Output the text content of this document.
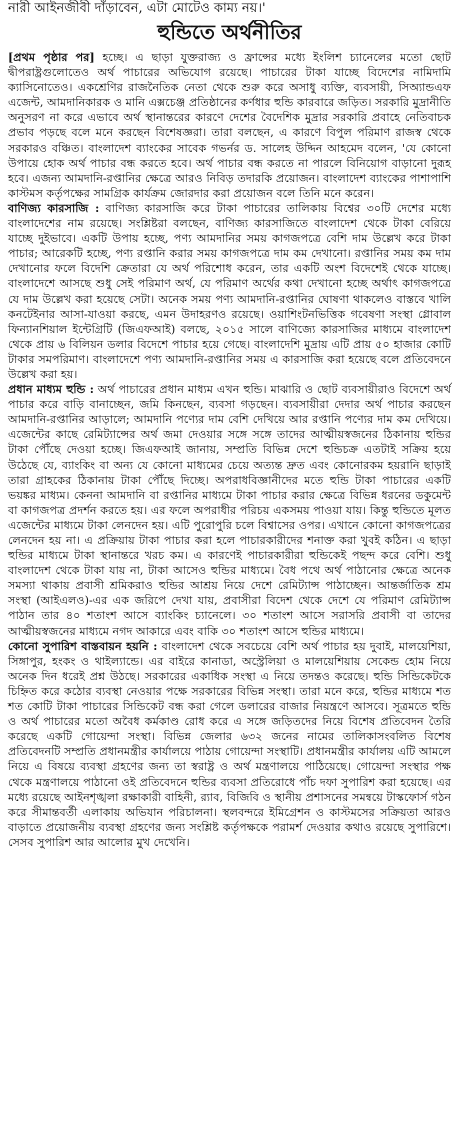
নারী আইনজীবী দাঁড়াবেন, এটা মোটেও কাম্য নয়।'
হুন্ডিতে অর্থনীতির

[প্রথম পৃষ্ঠার পর] হচ্ছে। এ ছাড়া যুক্তরাজ্য ও ফ্রান্সের মধ্যে ইংলিশ চ্যানেলের মতো ছোট দ্বীপরাষ্ট্রগুলোতেও অর্থ পাচারের অভিযোগ রয়েছে। পাচারের টাকা যাচ্ছে বিদেশের নামিদামি ক্যাসিনোতেও। একশ্রেণির রাজনৈতিক নেতা থেকে শুরু করে অসাধু ব্যক্তি, ব্যবসায়ী, সিঅ্যান্ডএফ এজেন্ট, আমদানিকারক ও মানি এক্সচেঞ্জ প্রতিষ্ঠানের কর্ণধার হুন্ডি কারবারে জড়িত। সরকারি মুদ্রানীতি অনুসরণ না করে এভাবে অর্থ স্থানান্তরের কারণে দেশের বৈদেশিক মুদ্রার সরকারি প্রবাহে নেতিবাচক প্রভাব পড়ছে বলে মনে করছেন বিশেষজ্ঞরা। তারা বলছেন, এ কারণে বিপুল পরিমাণ রাজস্ব থেকে সরকারও বঞ্চিত। বাংলাদেশ ব্যাংকের সাবেক গভর্নর ড. সালেহ উদ্দিন আহমেদ বলেন, 'যে কোনো উপায়ে হোক অর্থ পাচার বন্ধ করতে হবে। অর্থ পাচার বন্ধ করতে না পারলে বিনিয়োগ বাড়ানো দুরূহ হবে। এজন্য আমদানি-রপ্তানির ক্ষেত্রে আরও নিবিড় তদারকি প্রয়োজন। বাংলাদেশ ব্যাংকের পাশাপাশি কাস্টমস কর্তৃপক্ষের সামগ্রিক কার্যক্রম জোরদার করা প্রয়োজন বলে তিনি মনে করেন।

বাণিজ্য কারসাজি : বাণিজ্য কারসাজি করে টাকা পাচারের তালিকায় বিশ্বের ৩০টি দেশের মধ্যে বাংলাদেশের নাম রয়েছে। সংশ্লিষ্টরা বলছেন, বাণিজ্য কারসাজিতে বাংলাদেশ থেকে টাকা বেরিয়ে যাচ্ছে দুইভাবে। একটি উপায় হচ্ছে, পণ্য আমদানির সময় কাগজপত্রে বেশি দাম উল্লেখ করে টাকা পাচার; আরেকটি হচ্ছে, পণ্য রপ্তানি করার সময় কাগজপত্রে দাম কম দেখানো। রপ্তানির সময় কম দাম দেখানোর ফলে বিদেশি ক্রেতারা যে অর্থ পরিশোধ করেন, তার একটি অংশ বিদেশেই থেকে যাচ্ছে। বাংলাদেশে আসছে শুধু সেই পরিমাণ অর্থ, যে পরিমাণ অর্থের কথা দেখানো হচ্ছে অর্থাৎ কাগজপত্রে যে দাম উল্লেখ করা হয়েছে সেটা। অনেক সময় পণ্য আমদানি-রপ্তানির ঘোষণা থাকলেও বাস্তবে খালি কনটেইনার আসা-যাওয়া করছে, এমন উদাহরণও রয়েছে। ওয়াশিংটনভিত্তিক গবেষণা সংস্থা গ্লোবাল ফিন্যানশিয়াল ইন্টেগ্রিটি (জিএফআই) বলছে, ২০১৫ সালে বাণিজ্যে কারসাজির মাধ্যমে বাংলাদেশ থেকে প্রায় ৬ বিলিয়ন ডলার বিদেশে পাচার হয়ে গেছে। বাংলাদেশি মুদ্রায় এটি প্রায় ৫০ হাজার কোটি টাকার সমপরিমাণ। বাংলাদেশে পণ্য আমদানি-রপ্তানির সময় এ কারসাজি করা হয়েছে বলে প্রতিবেদনে উল্লেখ করা হয়।

প্রধান মাধ্যম হুন্ডি : অর্থ পাচারের প্রধান মাধ্যম এখন হুন্ডি। মাঝারি ও ছোট ব্যবসায়ীরাও বিদেশে অর্থ পাচার করে বাড়ি বানাচ্ছেন, জমি কিনছেন, ব্যবসা গড়ছেন। ব্যবসায়ীরা দেদার অর্থ পাচার করছেন আমদানি-রপ্তানির আড়ালে; আমদানি পণ্যের দাম বেশি দেখিয়ে আর রপ্তানি পণ্যের দাম কম দেখিয়ে। এজেন্টের কাছে রেমিট্যান্সের অর্থ জমা দেওয়ার সঙ্গে সঙ্গে তাদের আত্মীয়স্বজনের ঠিকানায় হুন্ডির টাকা পৌঁছে দেওয়া হচ্ছে। জিএফআই জানায়, সম্প্রতি বিভিন্ন দেশে হুন্ডিচক্র এতটাই সক্রিয় হয়ে উঠেছে যে, ব্যাংকিং বা অন্য যে কোনো মাধ্যমের চেয়ে অত্যন্ত দ্রুত এবং কোনোরকম হয়রানি ছাড়াই তারা গ্রাহকের ঠিকানায় টাকা পৌঁছে দিচ্ছে। অপরাধবিজ্ঞানীদের মতে হুন্ডি টাকা পাচারের একটি ভয়ঙ্কর মাধ্যম। কেননা আমদানি বা রপ্তানির মাধ্যমে টাকা পাচার করার ক্ষেত্রে বিভিন্ন ধরনের ডকুমেন্ট বা কাগজপত্র প্রদর্শন করতে হয়। এর ফলে অপরাধীর পরিচয় একসময় পাওয়া যায়। কিন্তু হুন্ডিতে মূলত এজেন্টের মাধ্যমে টাকা লেনদেন হয়। এটি পুরোপুরি চলে বিশ্বাসের ওপর। এখানে কোনো কাগজপত্রের লেনদেন হয় না। এ প্রক্রিয়ায় টাকা পাচার করা হলে পাচারকারীদের শনাক্ত করা খুবই কঠিন। এ ছাড়া হুন্ডির মাধ্যমে টাকা স্থানান্তরে খরচ কম। এ কারণেই পাচারকারীরা হুন্ডিকেই পছন্দ করে বেশি। শুধু বাংলাদেশ থেকে টাকা যায় না, টাকা আসেও হুন্ডির মাধ্যমে। বৈধ পথে অর্থ পাঠানোর ক্ষেত্রে অনেক সমস্যা থাকায় প্রবাসী শ্রমিকরাও হুন্ডির আশ্রয় নিয়ে দেশে রেমিট্যান্স পাঠাচ্ছেন। আন্তর্জাতিক শ্রম সংস্থা (আইএলও)-এর এক জরিপে দেখা যায়, প্রবাসীরা বিদেশ থেকে দেশে যে পরিমাণ রেমিট্যান্স পাঠান তার ৪০ শতাংশ আসে ব্যাংকিং চ্যানেলে। ৩০ শতাংশ আসে সরাসরি প্রবাসী বা তাদের আত্মীয়স্বজনের মাধ্যমে নগদ আকারে এবং বাকি ৩০ শতাংশ আসে হুন্ডির মাধ্যমে।

কোনো সুপারিশ বাস্তবায়ন হয়নি : বাংলাদেশ থেকে সবচেয়ে বেশি অর্থ পাচার হয় দুবাই, মালয়েশিয়া, সিঙ্গাপুর, হংকং ও থাইল্যান্ডে। এর বাইরে কানাডা, অস্ট্রেলিয়া ও মালয়েশিয়ায় সেকেন্ড হোম নিয়ে অনেক দিন ধরেই প্রশ্ন উঠছে। সরকারের একাধিক সংস্থা এ নিয়ে তদন্তও করেছে। হুন্ডি সিন্ডিকেটকে চিহ্নিত করে কঠোর ব্যবস্থা নেওয়ার পক্ষে সরকারের বিভিন্ন সংস্থা। তারা মনে করে, হুন্ডির মাধ্যমে শত শত কোটি টাকা পাচারের সিন্ডিকেট বন্ধ করা গেলে ডলারের বাজার নিয়ন্ত্রণে আসবে। সূত্রমতে হুন্ডি ও অর্থ পাচারের মতো অবৈধ কর্মকাণ্ড রোধ করে এ সঙ্গে জড়িতদের নিয়ে বিশেষ প্রতিবেদন তৈরি করেছে একটি গোয়েন্দা সংস্থা। বিভিন্ন জেলার ৬৩২ জনের নামের তালিকাসংবলিত বিশেষ প্রতিবেদনটি সম্প্রতি প্রধানমন্ত্রীর কার্যালয়ে পাঠায় গোয়েন্দা সংস্থাটি। প্রধানমন্ত্রীর কার্যালয় এটি আমলে নিয়ে এ বিষয়ে ব্যবস্থা গ্রহণের জন্য তা স্বরাষ্ট্র ও অর্থ মন্ত্রণালয়ে পাঠিয়েছে। গোয়েন্দা সংস্থার পক্ষ থেকে মন্ত্রণালয়ে পাঠানো ওই প্রতিবেদনে হুন্ডির ব্যবসা প্রতিরোধে পাঁচ দফা সুপারিশ করা হয়েছে। এর মধ্যে রয়েছে আইনশৃঙ্খলা রক্ষাকারী বাহিনী, র‌্যাব, বিজিবি ও স্থানীয় প্রশাসনের সমন্বয়ে টাস্কফোর্স গঠন করে সীমান্তবর্তী এলাকায় অভিযান পরিচালনা। স্থলবন্দরে ইমিগ্রেশন ও কাস্টমসের সক্রিয়তা আরও বাড়াতে প্রয়োজনীয় ব্যবস্থা গ্রহণের জন্য সংশ্লিষ্ট কর্তৃপক্ষকে পরামর্শ দেওয়ার কথাও রয়েছে সুপারিশে। সেসব সুপারিশ আর আলোর মুখ দেখেনি।
